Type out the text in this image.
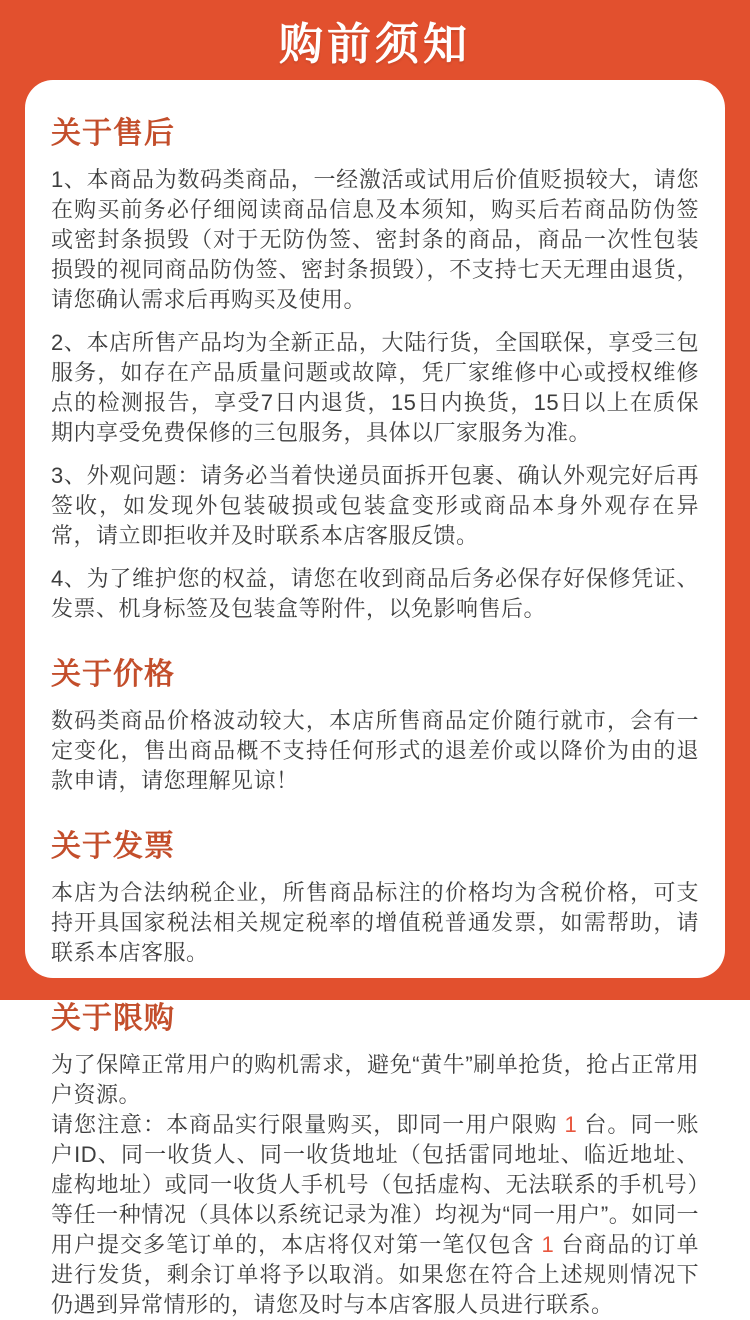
购前须知
关于售后

1、本商品为数码类商品，一经激活或试用后价值贬损较大，请您在购买前务必仔细阅读商品信息及本须知，购买后若商品防伪签或密封条损毁（对于无防伪签、密封条的商品，商品一次性包装损毁的视同商品防伪签、密封条损毁），不支持七天无理由退货，请您确认需求后再购买及使用。

2、本店所售产品均为全新正品，大陆行货，全国联保，享受三包服务，如存在产品质量问题或故障，凭厂家维修中心或授权维修点的检测报告，享受7日内退货，15日内换货，15日以上在质保期内享受免费保修的三包服务，具体以厂家服务为准。

3、外观问题：请务必当着快递员面拆开包裹、确认外观完好后再签收，如发现外包装破损或包装盒变形或商品本身外观存在异常，请立即拒收并及时联系本店客服反馈。

4、为了维护您的权益，请您在收到商品后务必保存好保修凭证、发票、机身标签及包装盒等附件，以免影响售后。

关于价格

数码类商品价格波动较大，本店所售商品定价随行就市，会有一定变化，售出商品概不支持任何形式的退差价或以降价为由的退款申请，请您理解见谅！

关于发票

本店为合法纳税企业，所售商品标注的价格均为含税价格，可支持开具国家税法相关规定税率的增值税普通发票，如需帮助，请联系本店客服。

关于限购

为了保障正常用户的购机需求，避免“黄牛”刷单抢货，抢占正常用户资源。

请您注意：本商品实行限量购买，即同一用户限购 1 台。同一账户ID、同一收货人、同一收货地址（包括雷同地址、临近地址、虚构地址）或同一收货人手机号（包括虚构、无法联系的手机号）等任一种情况（具体以系统记录为准）均视为“同一用户”。如同一用户提交多笔订单的，本店将仅对第一笔仅包含 1 台商品的订单进行发货，剩余订单将予以取消。如果您在符合上述规则情况下仍遇到异常情形的，请您及时与本店客服人员进行联系。
